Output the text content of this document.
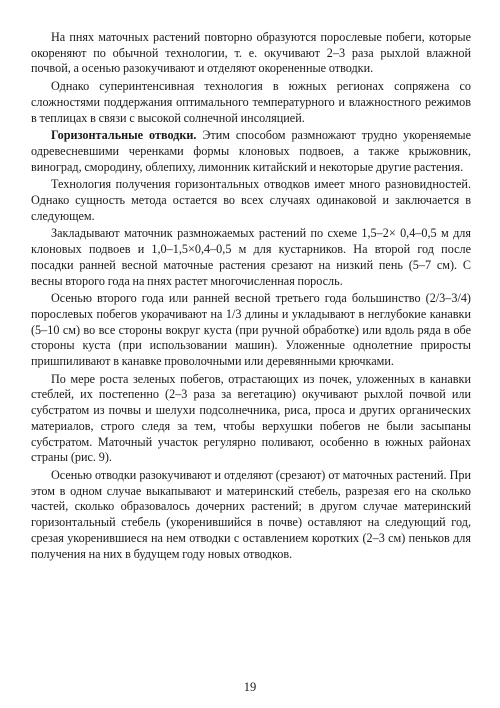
На пнях маточных растений повторно образуются порослевые побеги, которые окореняют по обычной технологии, т. е. окучивают 2–3 раза рыхлой влажной почвой, а осенью разокучивают и отделяют окорененные отводки.

Однако суперинтенсивная технология в южных регионах сопряжена со сложностями поддержания оптимального температурного и влажностного режимов в теплицах в связи с высокой солнечной инсоляцией.

Горизонтальные отводки. Этим способом размножают трудно укореняемые одревесневшими черенками формы клоновых подвоев, а также крыжовник, виноград, смородину, облепиху, лимонник китайский и некоторые другие растения.

Технология получения горизонтальных отводков имеет много разновидностей. Однако сущность метода остается во всех случаях одинаковой и заключается в следующем.

Закладывают маточник размножаемых растений по схеме 1,5–2× 0,4–0,5 м для клоновых подвоев и 1,0–1,5×0,4–0,5 м для кустарников. На второй год после посадки ранней весной маточные растения срезают на низкий пень (5–7 см). С весны второго года на пнях растет многочисленная поросль.

Осенью второго года или ранней весной третьего года большинство (2/3–3/4) порослевых побегов укорачивают на 1/3 длины и укладывают в неглубокие канавки (5–10 см) во все стороны вокруг куста (при ручной обработке) или вдоль ряда в обе стороны куста (при использовании машин). Уложенные однолетние приросты пришпиливают в канавке проволочными или деревянными крючками.

По мере роста зеленых побегов, отрастающих из почек, уложенных в канавки стеблей, их постепенно (2–3 раза за вегетацию) окучивают рыхлой почвой или субстратом из почвы и шелухи подсолнечника, риса, проса и других органических материалов, строго следя за тем, чтобы верхушки побегов не были засыпаны субстратом. Маточный участок регулярно поливают, особенно в южных районах страны (рис. 9).

Осенью отводки разокучивают и отделяют (срезают) от маточных растений. При этом в одном случае выкапывают и материнский стебель, разрезая его на сколько частей, сколько образовалось дочерних растений; в другом случае материнский горизонтальный стебель (укоренившийся в почве) оставляют на следующий год, срезая укоренившиеся на нем отводки с оставлением коротких (2–3 см) пеньков для получения на них в будущем году новых отводков.

19
